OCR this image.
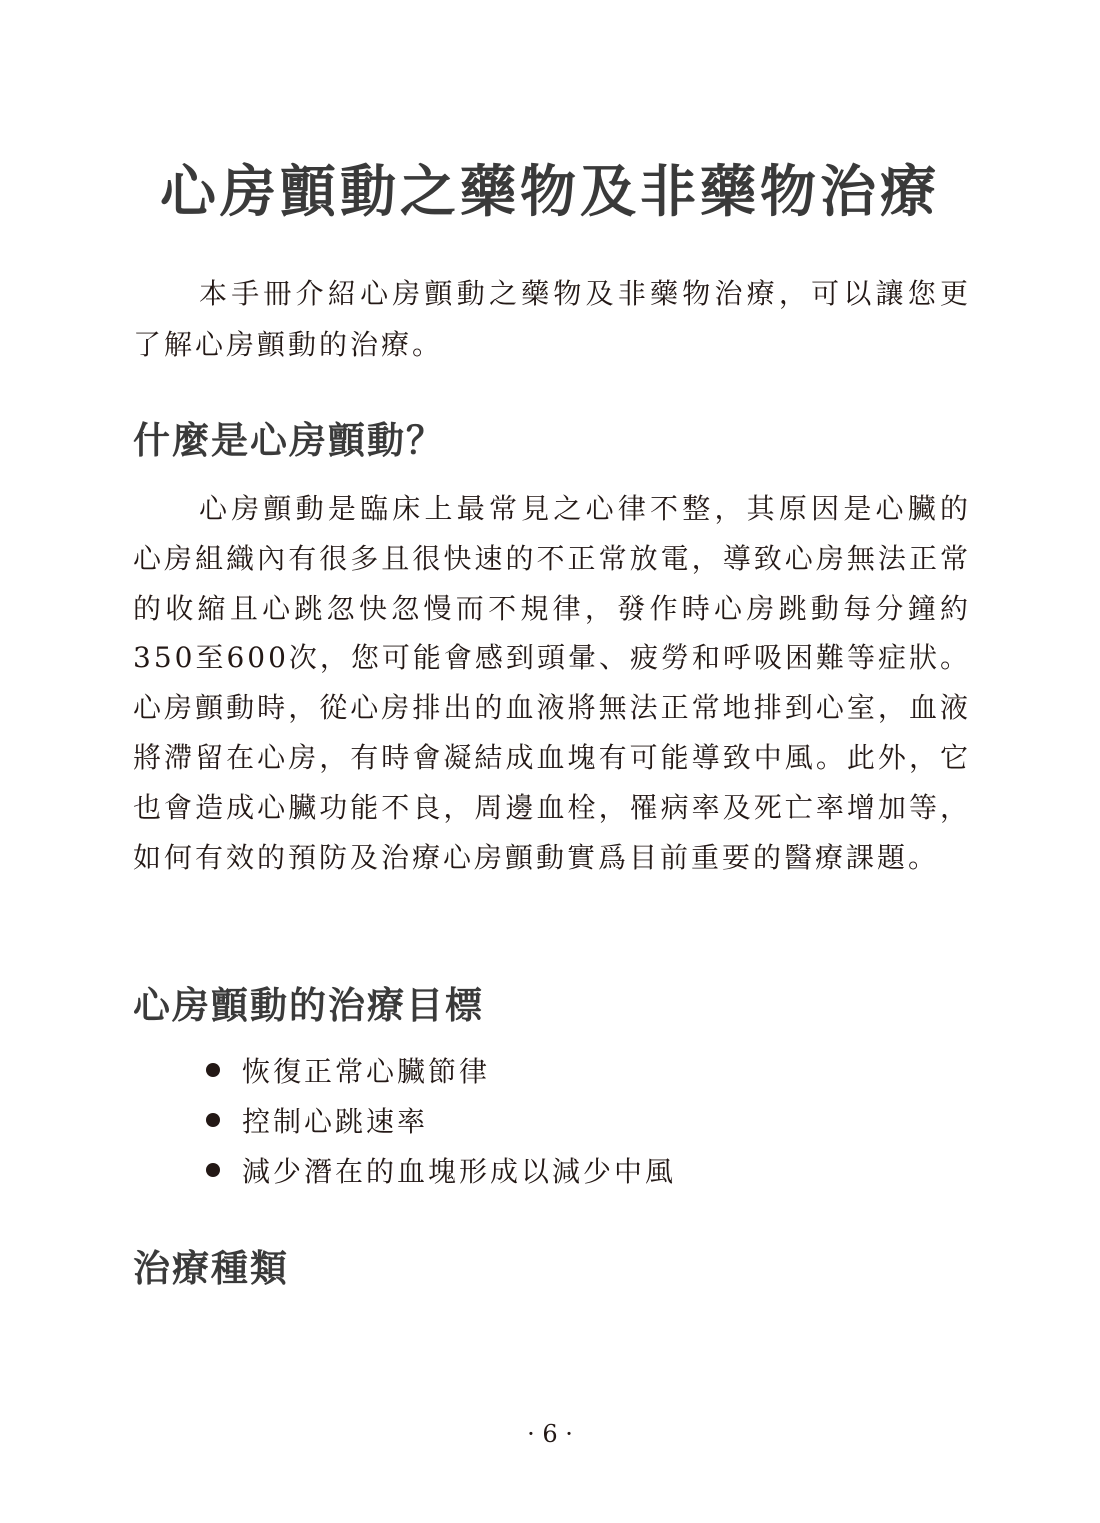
心房顫動之藥物及非藥物治療

本手冊介紹心房顫動之藥物及非藥物治療，可以讓您更了解心房顫動的治療。

什麼是心房顫動？

心房顫動是臨床上最常見之心律不整，其原因是心臟的心房組織內有很多且很快速的不正常放電，導致心房無法正常的收縮且心跳忽快忽慢而不規律，發作時心房跳動每分鐘約350至600次，您可能會感到頭暈、疲勞和呼吸困難等症狀。心房顫動時，從心房排出的血液將無法正常地排到心室，血液將滯留在心房，有時會凝結成血塊有可能導致中風。此外，它也會造成心臟功能不良，周邊血栓，罹病率及死亡率增加等，如何有效的預防及治療心房顫動實爲目前重要的醫療課題。

心房顫動的治療目標
恢復正常心臟節律
控制心跳速率
減少潛在的血塊形成以減少中風
治療種類
· 6 ·
